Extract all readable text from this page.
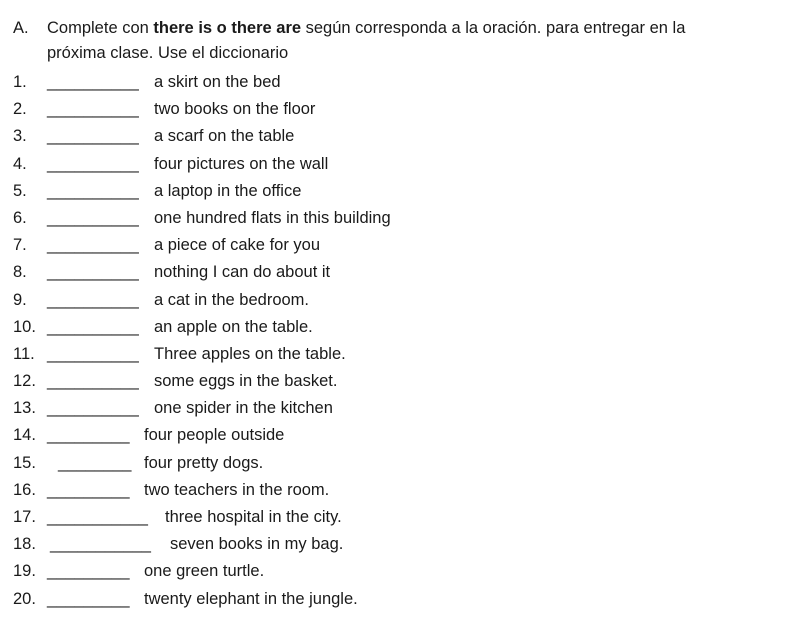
A. Complete con there is o there are según corresponda a la oración. para entregar en la
próxima clase. Use el diccionario
1. __________ a skirt on the bed
2. __________ two books on the floor
3. __________ a scarf on the table
4. __________ four pictures on the wall
5. __________ a laptop in the office
6. __________ one hundred flats in this building
7. __________ a piece of cake for you
8. __________ nothing I can do about it
9. __________ a cat in the bedroom.
10. __________ an apple on the table.
11. __________ Three apples on the table.
12. __________ some eggs in the basket.
13. __________ one spider in the kitchen
14. _________ four people outside
15. ________ four pretty dogs.
16. _________ two teachers in the room.
17. ___________ three hospital in the city.
18. ___________ seven books in my bag.
19. _________ one green turtle.
20. _________ twenty elephant in the jungle.
